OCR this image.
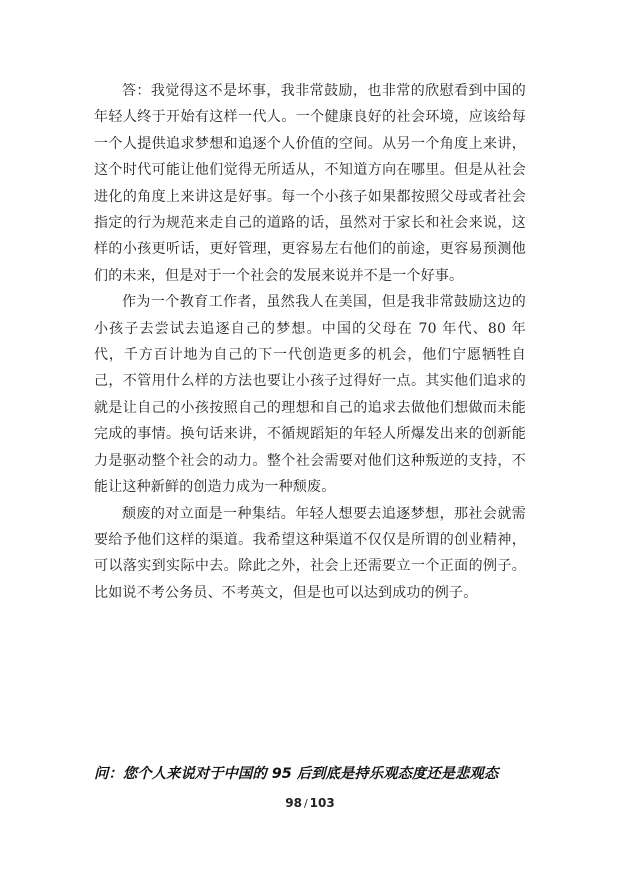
答：我觉得这不是坏事，我非常鼓励，也非常的欣慰看到中国的年轻人终于开始有这样一代人。一个健康良好的社会环境，应该给每一个人提供追求梦想和追逐个人价值的空间。从另一个角度上来讲，这个时代可能让他们觉得无所适从，不知道方向在哪里。但是从社会进化的角度上来讲这是好事。每一个小孩子如果都按照父母或者社会指定的行为规范来走自己的道路的话，虽然对于家长和社会来说，这样的小孩更听话，更好管理，更容易左右他们的前途，更容易预测他们的未来，但是对于一个社会的发展来说并不是一个好事。

作为一个教育工作者，虽然我人在美国，但是我非常鼓励这边的小孩子去尝试去追逐自己的梦想。中国的父母在 70 年代、80 年代，千方百计地为自己的下一代创造更多的机会，他们宁愿牺牲自己，不管用什么样的方法也要让小孩子过得好一点。其实他们追求的就是让自己的小孩按照自己的理想和自己的追求去做他们想做而未能完成的事情。换句话来讲，不循规蹈矩的年轻人所爆发出来的创新能力是驱动整个社会的动力。整个社会需要对他们这种叛逆的支持，不能让这种新鲜的创造力成为一种颓废。

颓废的对立面是一种集结。年轻人想要去追逐梦想，那社会就需要给予他们这样的渠道。我希望这种渠道不仅仅是所谓的创业精神，可以落实到实际中去。除此之外，社会上还需要立一个正面的例子。比如说不考公务员、不考英文，但是也可以达到成功的例子。

问：您个人来说对于中国的 95 后到底是持乐观态度还是悲观态
98 / 103
